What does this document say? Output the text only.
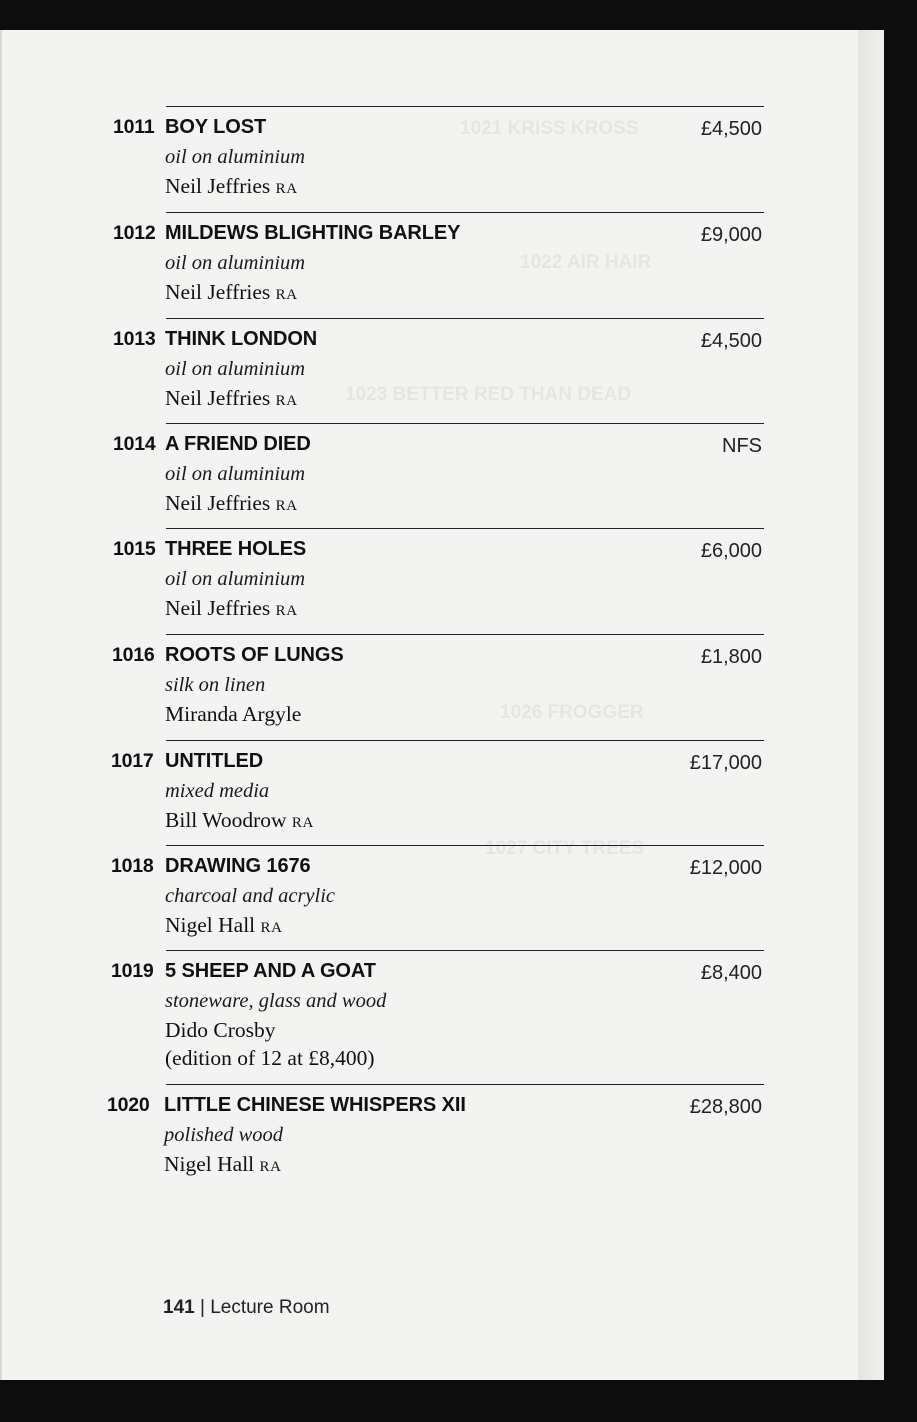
1011 BOY LOST	£4,500
oil on aluminium
Neil Jeffries RA
1012 MILDEWS BLIGHTING BARLEY	£9,000
oil on aluminium
Neil Jeffries RA
1013 THINK LONDON	£4,500
oil on aluminium
Neil Jeffries RA
1014 A FRIEND DIED	NFS
oil on aluminium
Neil Jeffries RA
1015 THREE HOLES	£6,000
oil on aluminium
Neil Jeffries RA
1016 ROOTS OF LUNGS	£1,800
silk on linen
Miranda Argyle
1017 UNTITLED	£17,000
mixed media
Bill Woodrow RA
1018 DRAWING 1676	£12,000
charcoal and acrylic
Nigel Hall RA
1019 5 SHEEP AND A GOAT	£8,400
stoneware, glass and wood
Dido Crosby
(edition of 12 at £8,400)
1020 LITTLE CHINESE WHISPERS XII	£28,800
polished wood
Nigel Hall RA
141 | Lecture Room
